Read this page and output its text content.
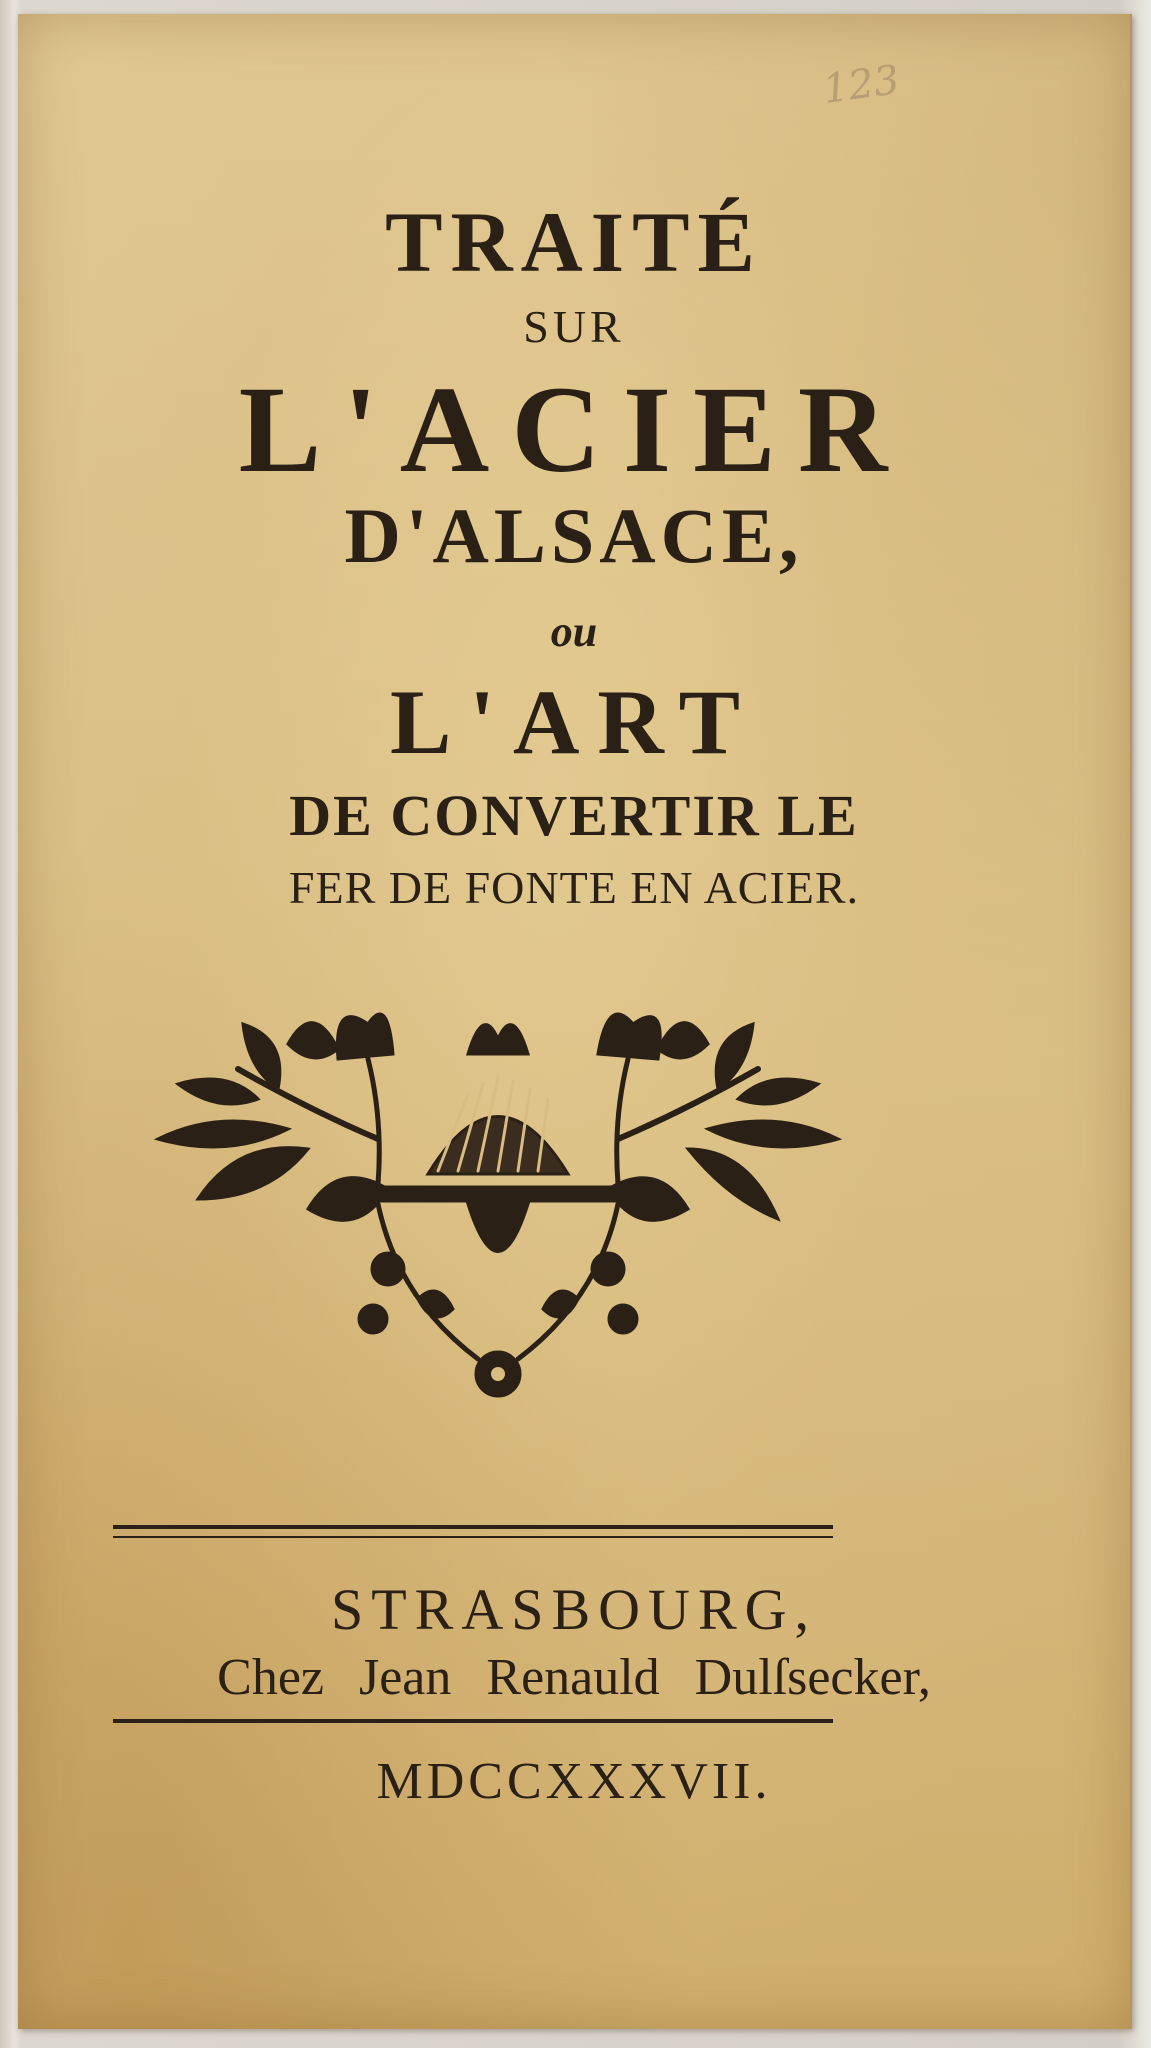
123

TRAITÉ

SUR

L'ACIER

D'ALSACE,

ou

L'ART

DE CONVERTIR LE

FER DE FONTE EN ACIER.

STRASBOURG,

Chez Jean Renauld Dulſsecker,

MDCCXXXVII.
